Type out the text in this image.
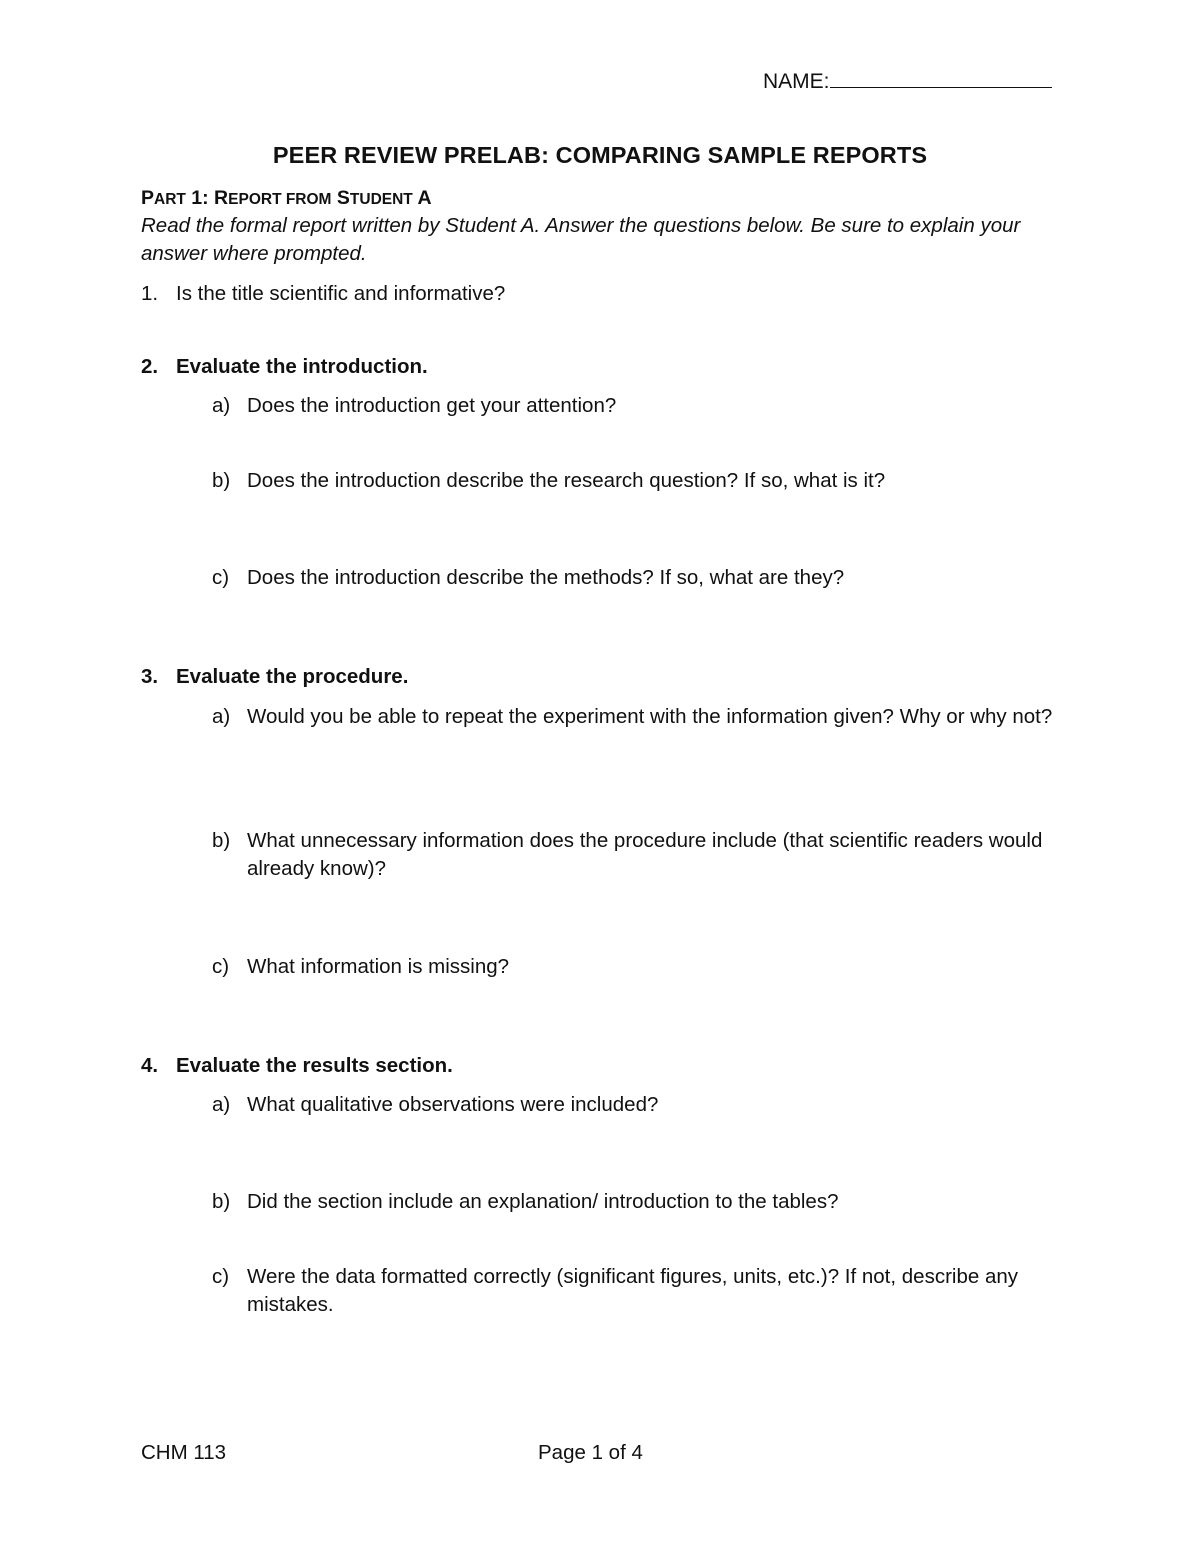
NAME:
PEER REVIEW PRELAB: COMPARING SAMPLE REPORTS
PART 1: REPORT FROM STUDENT A
Read the formal report written by Student A. Answer the questions below. Be sure to explain your answer where prompted.
1. Is the title scientific and informative?
2. Evaluate the introduction.
a) Does the introduction get your attention?
b) Does the introduction describe the research question? If so, what is it?
c) Does the introduction describe the methods? If so, what are they?
3. Evaluate the procedure.
a) Would you be able to repeat the experiment with the information given? Why or why not?
b) What unnecessary information does the procedure include (that scientific readers would already know)?
c) What information is missing?
4. Evaluate the results section.
a) What qualitative observations were included?
b) Did the section include an explanation/ introduction to the tables?
c) Were the data formatted correctly (significant figures, units, etc.)? If not, describe any mistakes.
CHM 113	Page 1 of 4
